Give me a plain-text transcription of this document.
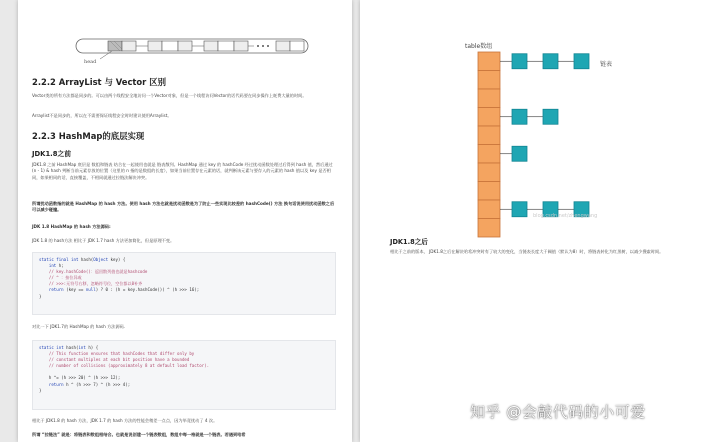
head
2.2.2 ArrayList 与 Vector 区别
Vector类的所有方法都是同步的。可以由两个线程安全地访问一个Vector对象，但是一个线程访问Vector的话代码要在同步操作上耗费大量的时间。
Arraylist不是同步的，所以在不需要保证线程安全时时建议使用Arraylist。
2.2.3 HashMap的底层实现
JDK1.8之前
JDK1.8 之前 HashMap 底层是 数组和链表 结合在一起使用也就是 链表散列。HashMap 通过 key 的 hashCode 经过扰动函数处理过后得到 hash 值，然后通过 (n - 1) & hash 判断当前元素存放的位置（这里的 n 指的是数组的长度），如果当前位置存在元素的话，就判断该元素与要存入的元素的 hash 值以及 key 是否相同，如果相同的话，直接覆盖，不相同就通过拉链法解决冲突。
所谓扰动函数指的就是 HashMap 的 hash 方法。使用 hash 方法也就是扰动函数是为了防止一些实现比较差的 hashCode() 方法 换句话说使用扰动函数之后可以减少碰撞。
JDK 1.8 HashMap 的 hash 方法源码:
JDK 1.8 的 hash方法 相比于 JDK 1.7 hash 方法更加简化，但是原理不变。
static final int hash(Object key) {
int h;
// key.hashCode()：返回散列值也就是hashcode
// ^ ：按位异或
// >>>:无符号右移，忽略符号位，空位都以0补齐
return (key == null) ? 0 : (h = key.hashCode()) ^ (h >>> 16);
}
对比一下 JDK1.7的 HashMap 的 hash 方法源码.
static int hash(int h) {
// This function ensures that hashCodes that differ only by
// constant multiples at each bit position have a bounded
// number of collisions (approximately 8 at default load factor).

h ^= (h >>> 20) ^ (h >>> 12);
return h ^ (h >>> 7) ^ (h >>> 4);
}
相比于 JDK1.8 的 hash 方法，JDK 1.7 的 hash 方法的性能会稍差一点点，因为毕竟扰动了 4 次。
所谓 “拉链法” 就是：将链表和数组相结合。也就是说创建一个链表数组，数组中每一格就是一个链表。若遇到哈希
table数组
链表
blog.csdn.net/zhengwang
JDK1.8之后
相比于之前的版本， JDK1.8之后在解决哈希冲突时有了较大的变化，当链表长度大于阈值（默认为8）时，将链表转化为红黑树，以减少搜索时间。
知乎 @会敲代码的小可爱
